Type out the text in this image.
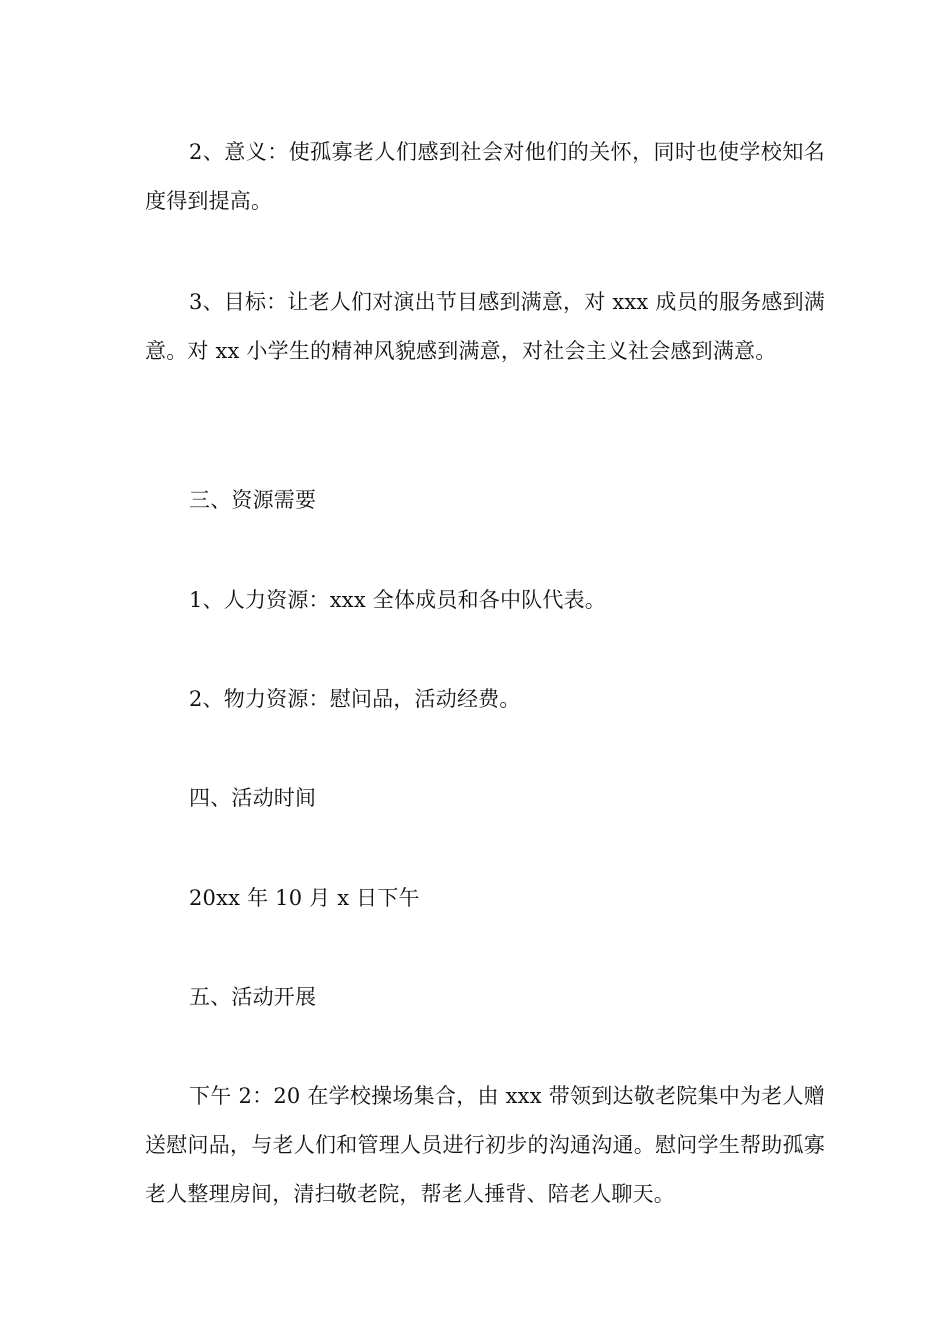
2、意义：使孤寡老人们感到社会对他们的关怀，同时也使学校知名度得到提高。

3、目标：让老人们对演出节目感到满意，对 xxx 成员的服务感到满意。对 xx 小学生的精神风貌感到满意，对社会主义社会感到满意。

三、资源需要

1、人力资源：xxx 全体成员和各中队代表。

2、物力资源：慰问品，活动经费。

四、活动时间

20xx 年 10 月 x 日下午

五、活动开展

下午 2：20 在学校操场集合，由 xxx 带领到达敬老院集中为老人赠送慰问品，与老人们和管理人员进行初步的沟通沟通。慰问学生帮助孤寡老人整理房间，清扫敬老院，帮老人捶背、陪老人聊天。
